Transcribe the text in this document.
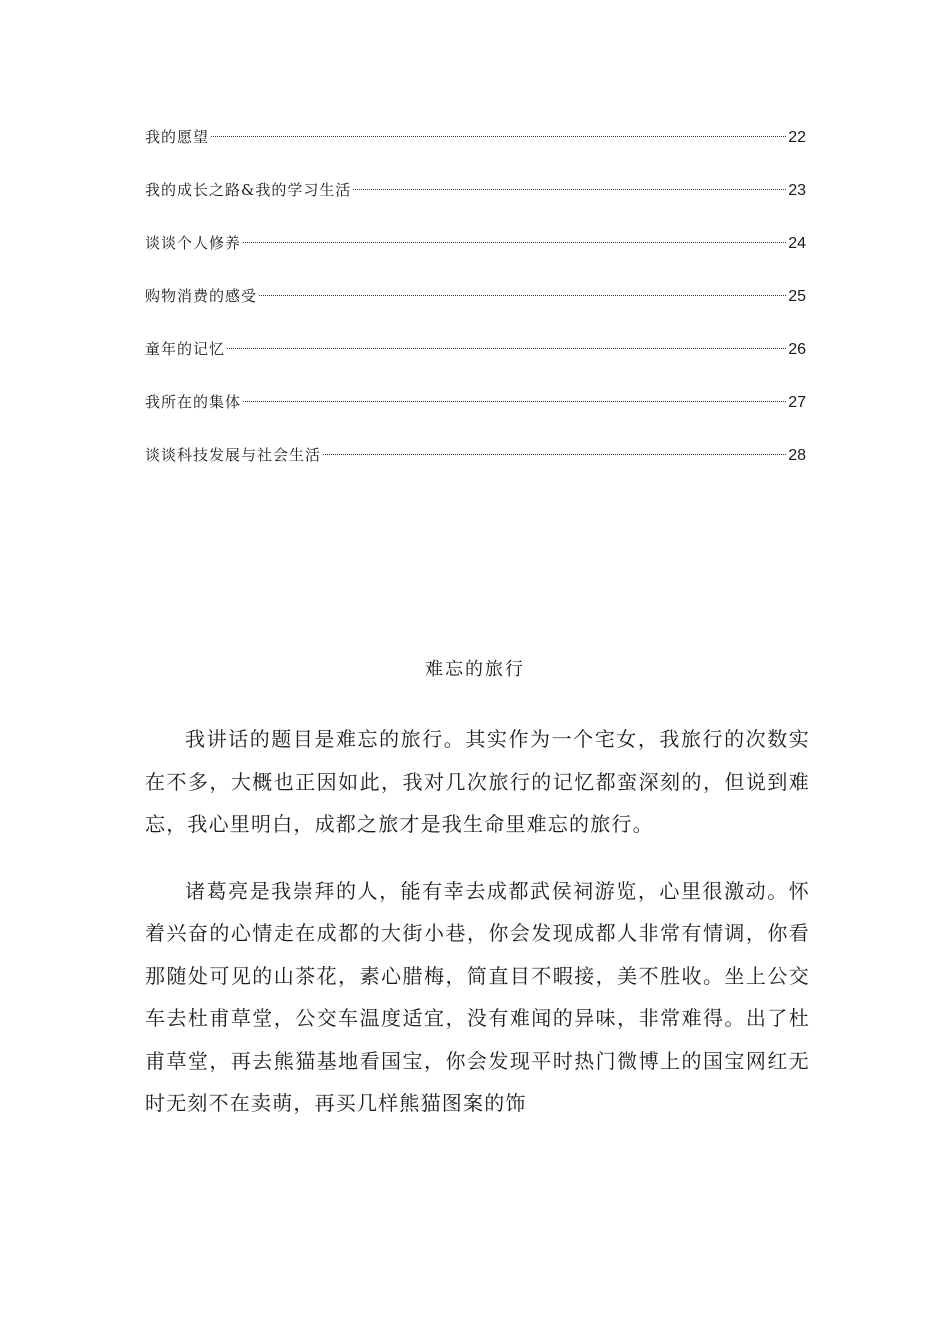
我的愿望	22
我的成长之路&我的学习生活	23
谈谈个人修养	24
购物消费的感受	25
童年的记忆	26
我所在的集体	27
谈谈科技发展与社会生活	28
难忘的旅行

我讲话的题目是难忘的旅行。其实作为一个宅女，我旅行的次数实在不多，大概也正因如此，我对几次旅行的记忆都蛮深刻的，但说到难忘，我心里明白，成都之旅才是我生命里难忘的旅行。

诸葛亮是我崇拜的人，能有幸去成都武侯祠游览，心里很激动。怀着兴奋的心情走在成都的大街小巷，你会发现成都人非常有情调，你看那随处可见的山茶花，素心腊梅，简直目不暇接，美不胜收。坐上公交车去杜甫草堂，公交车温度适宜，没有难闻的异味，非常难得。出了杜甫草堂，再去熊猫基地看国宝，你会发现平时热门微博上的国宝网红无时无刻不在卖萌，再买几样熊猫图案的饰
